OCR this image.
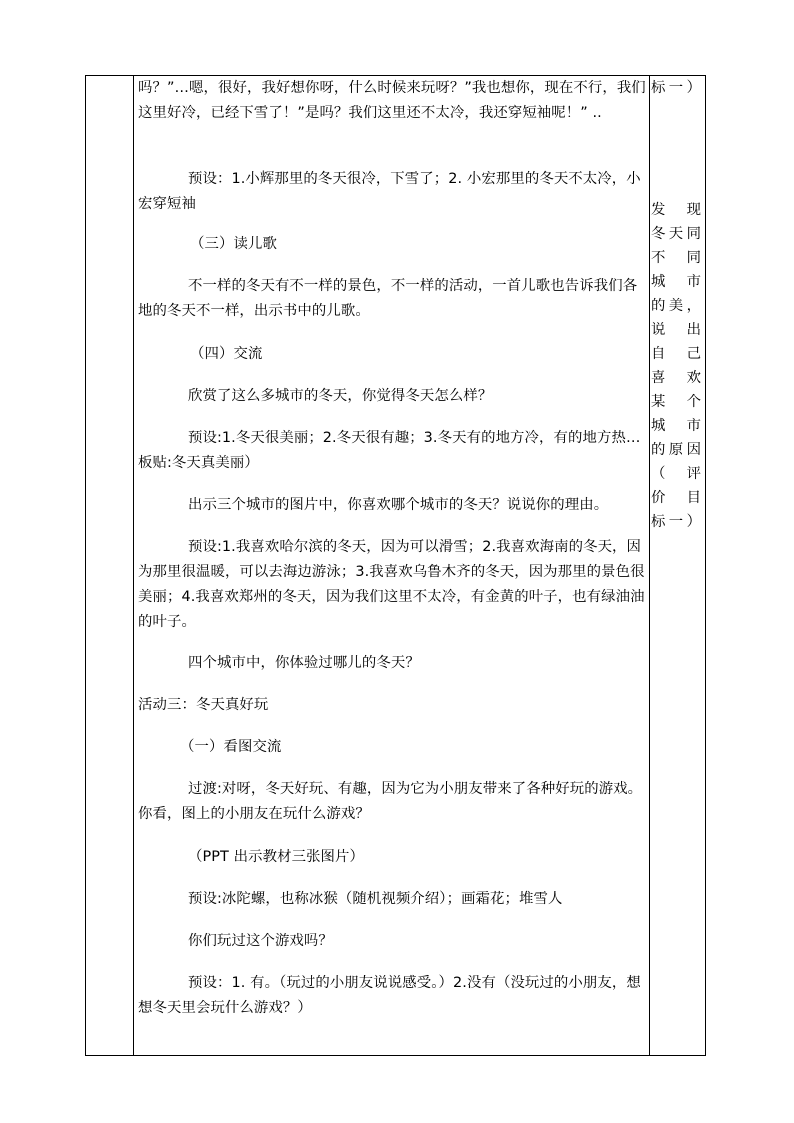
吗？”…嗯，很好，我好想你呀，什么时候来玩呀？”我也想你，现在不行，我们这里好冷，已经下雪了！”是吗？我们这里还不太冷，我还穿短袖呢！” ..
预设：1.小辉那里的冬天很冷，下雪了；2. 小宏那里的冬天不太冷，小宏穿短袖
（三）读儿歌
不一样的冬天有不一样的景色，不一样的活动，一首儿歌也告诉我们各地的冬天不一样，出示书中的儿歌。
（四）交流
欣赏了这么多城市的冬天，你觉得冬天怎么样？
预设:1.冬天很美丽；2.冬天很有趣；3.冬天有的地方冷，有的地方热…板贴:冬天真美丽）
出示三个城市的图片中，你喜欢哪个城市的冬天？说说你的理由。
预设:1.我喜欢哈尔滨的冬天，因为可以滑雪；2.我喜欢海南的冬天，因为那里很温暖，可以去海边游泳；3.我喜欢乌鲁木齐的冬天，因为那里的景色很美丽；4.我喜欢郑州的冬天，因为我们这里不太冷，有金黄的叶子，也有绿油油的叶子。
四个城市中，你体验过哪儿的冬天？
活动三：冬天真好玩
（一）看图交流
过渡:对呀，冬天好玩、有趣，因为它为小朋友带来了各种好玩的游戏。你看，图上的小朋友在玩什么游戏？
（PPT 出示教材三张图片）
预设:冰陀螺，也称冰猴（随机视频介绍）；画霜花；堆雪人
你们玩过这个游戏吗？
预设：1. 有。（玩过的小朋友说说感受。）2.没有（没玩过的小朋友，想想冬天里会玩什么游戏？）
标一）
发　现
冬天同
不　同
城　市
的美，
说　出
自　己
喜　欢
某　个
城　市
的原因
（　评
价　目
标一）
